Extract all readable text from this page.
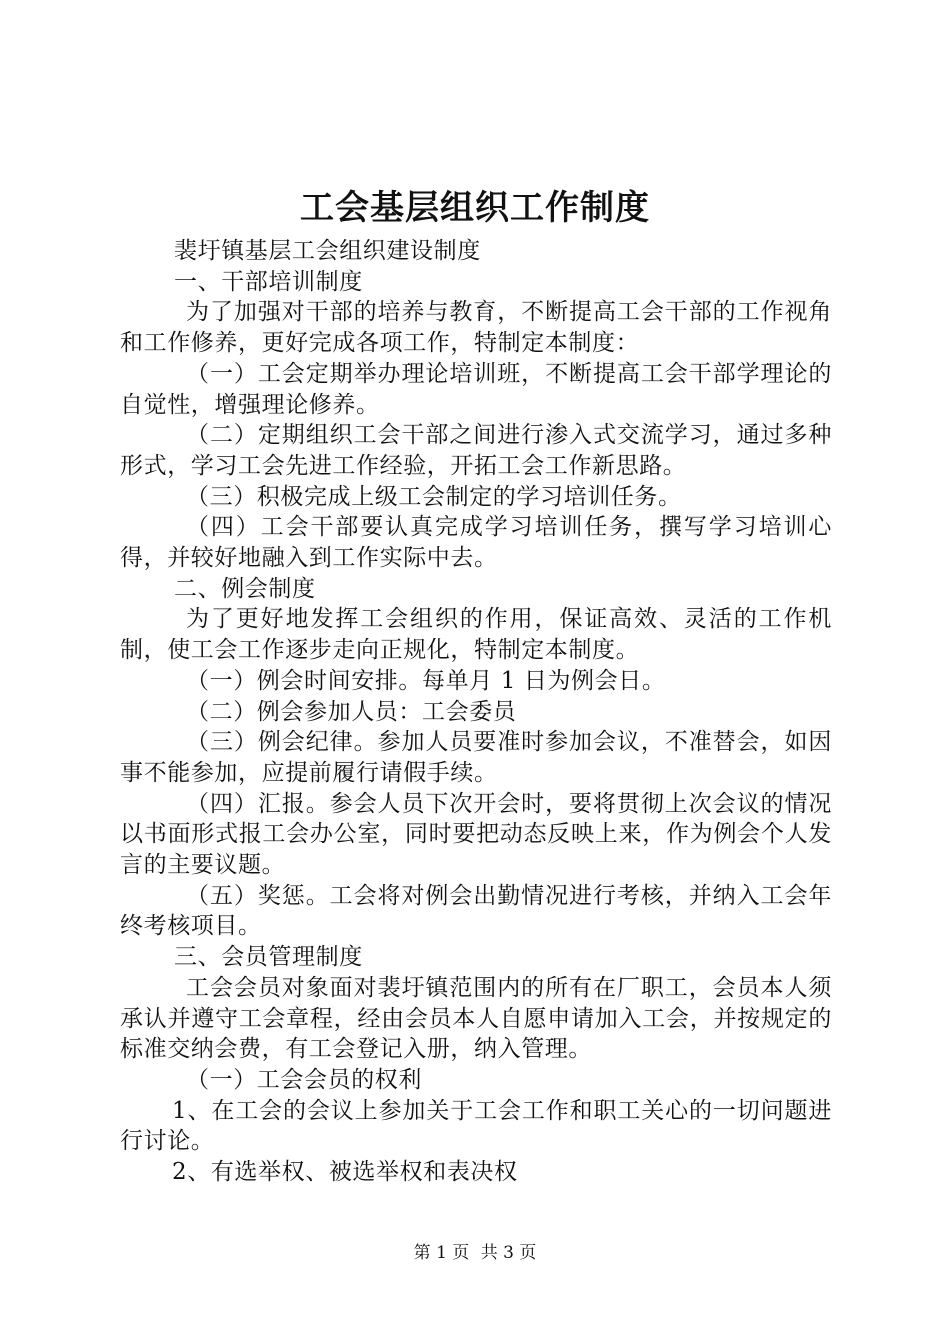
工会基层组织工作制度

裴圩镇基层工会组织建设制度

一、干部培训制度

为了加强对干部的培养与教育，不断提高工会干部的工作视角和工作修养，更好完成各项工作，特制定本制度：

（一）工会定期举办理论培训班，不断提高工会干部学理论的自觉性，增强理论修养。

（二）定期组织工会干部之间进行渗入式交流学习，通过多种形式，学习工会先进工作经验，开拓工会工作新思路。

（三）积极完成上级工会制定的学习培训任务。

（四）工会干部要认真完成学习培训任务，撰写学习培训心得，并较好地融入到工作实际中去。

二、例会制度

为了更好地发挥工会组织的作用，保证高效、灵活的工作机制，使工会工作逐步走向正规化，特制定本制度。

（一）例会时间安排。每单月 1 日为例会日。

（二）例会参加人员：工会委员

（三）例会纪律。参加人员要准时参加会议，不准替会，如因事不能参加，应提前履行请假手续。

（四）汇报。参会人员下次开会时，要将贯彻上次会议的情况以书面形式报工会办公室，同时要把动态反映上来，作为例会个人发言的主要议题。

（五）奖惩。工会将对例会出勤情况进行考核，并纳入工会年终考核项目。

三、会员管理制度

工会会员对象面对裴圩镇范围内的所有在厂职工，会员本人须承认并遵守工会章程，经由会员本人自愿申请加入工会，并按规定的标准交纳会费，有工会登记入册，纳入管理。

（一）工会会员的权利

1、在工会的会议上参加关于工会工作和职工关心的一切问题进行讨论。

2、有选举权、被选举权和表决权

第 1 页 共 3 页
